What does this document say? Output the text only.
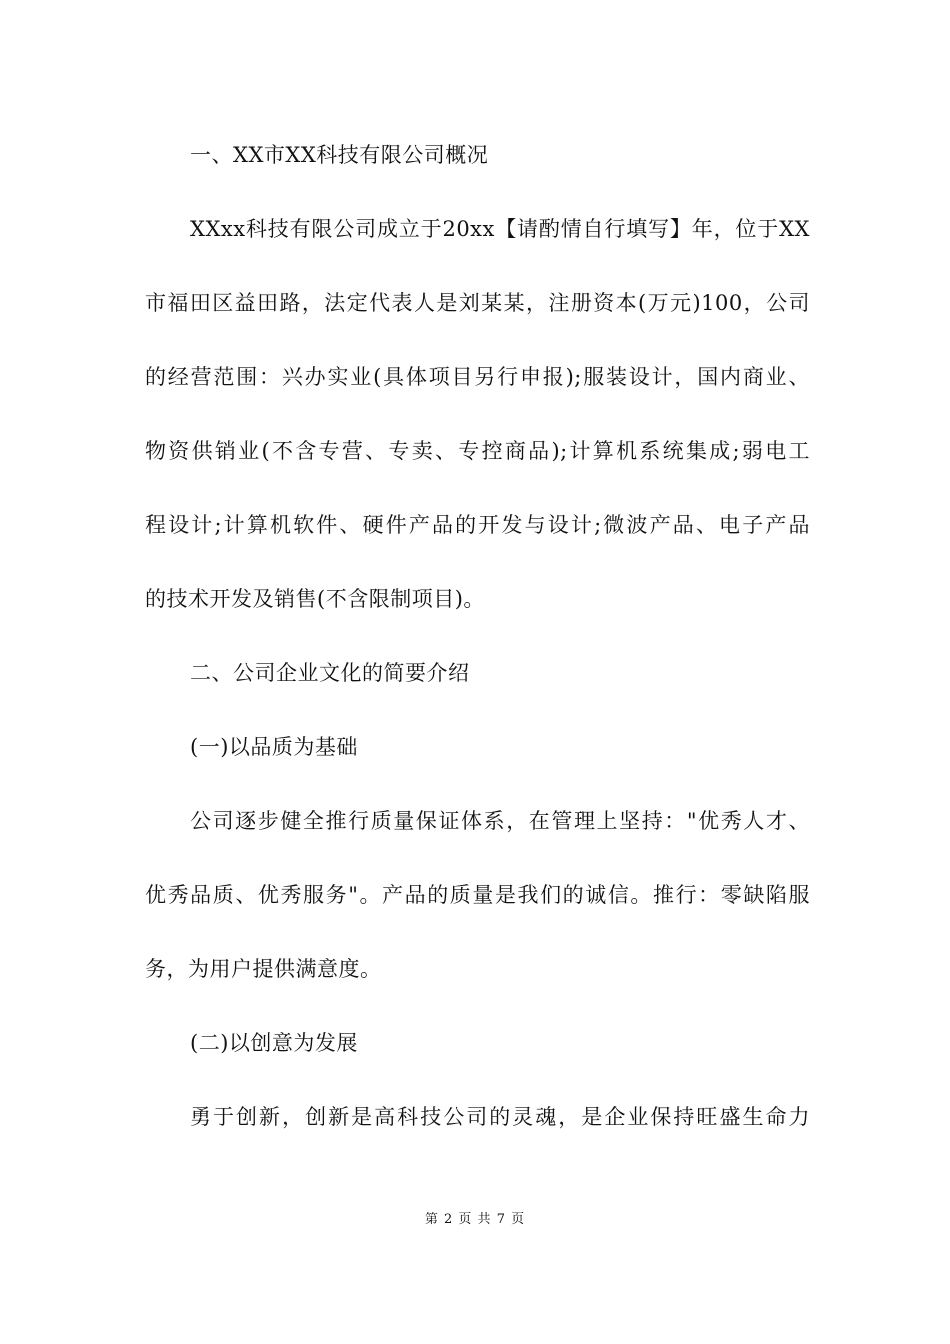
一、XX市XX科技有限公司概况
XXxx科技有限公司成立于20xx【请酌情自行填写】年，位于XX
市福田区益田路，法定代表人是刘某某，注册资本(万元)100，公司
的经营范围：兴办实业(具体项目另行申报);服装设计，国内商业、
物资供销业(不含专营、专卖、专控商品);计算机系统集成;弱电工
程设计;计算机软件、硬件产品的开发与设计;微波产品、电子产品
的技术开发及销售(不含限制项目)。
二、公司企业文化的简要介绍
(一)以品质为基础
公司逐步健全推行质量保证体系，在管理上坚持："优秀人才、
优秀品质、优秀服务"。产品的质量是我们的诚信。推行：零缺陷服
务，为用户提供满意度。
(二)以创意为发展
勇于创新，创新是高科技公司的灵魂，是企业保持旺盛生命力
第 2 页 共 7 页
